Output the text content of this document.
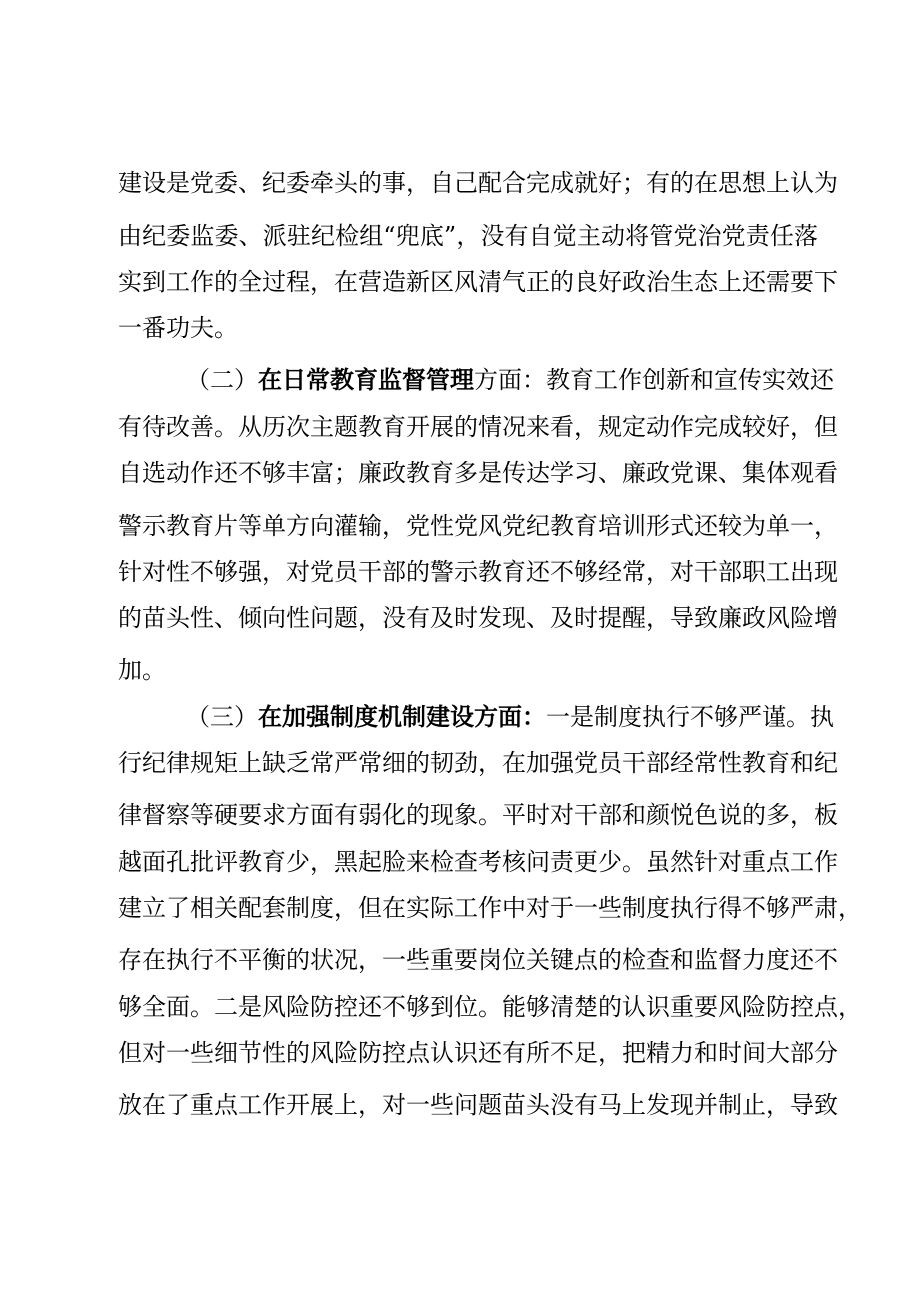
建设是党委、纪委牵头的事，自己配合完成就好；有的在思想上认为
由纪委监委、派驻纪检组“兜底”，没有自觉主动将管党治党责任落
实到工作的全过程，在营造新区风清气正的良好政治生态上还需要下
一番功夫。
（二）在日常教育监督管理方面：教育工作创新和宣传实效还
有待改善。从历次主题教育开展的情况来看，规定动作完成较好，但
自选动作还不够丰富；廉政教育多是传达学习、廉政党课、集体观看
警示教育片等单方向灌输，党性党风党纪教育培训形式还较为单一，
针对性不够强，对党员干部的警示教育还不够经常，对干部职工出现
的苗头性、倾向性问题，没有及时发现、及时提醒，导致廉政风险增
加。
（三）在加强制度机制建设方面：一是制度执行不够严谨。执
行纪律规矩上缺乏常严常细的韧劲，在加强党员干部经常性教育和纪
律督察等硬要求方面有弱化的现象。平时对干部和颜悦色说的多，板
越面孔批评教育少，黑起脸来检查考核问责更少。虽然针对重点工作
建立了相关配套制度，但在实际工作中对于一些制度执行得不够严肃，
存在执行不平衡的状况，一些重要岗位关键点的检查和监督力度还不
够全面。二是风险防控还不够到位。能够清楚的认识重要风险防控点，
但对一些细节性的风险防控点认识还有所不足，把精力和时间大部分
放在了重点工作开展上，对一些问题苗头没有马上发现并制止，导致
